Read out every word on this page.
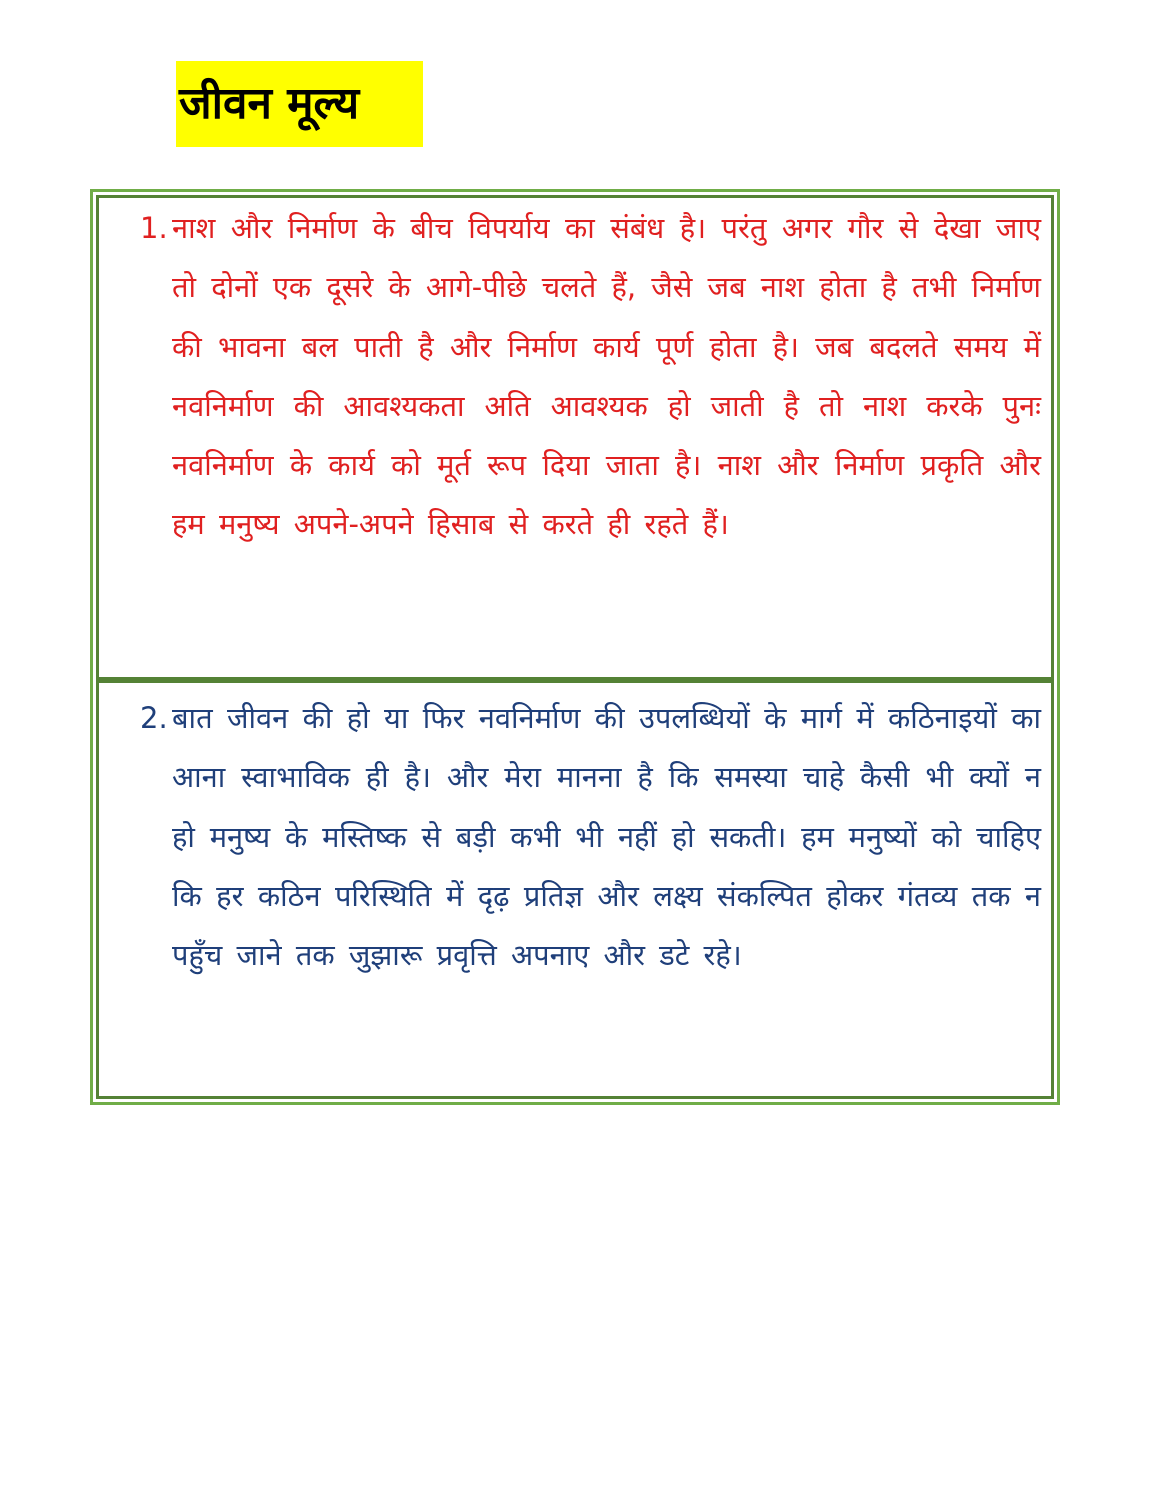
जीवन मूल्य
1. नाश और निर्माण के बीच विपर्याय का संबंध है। परंतु अगर गौर से देखा जाए तो दोनों एक दूसरे के आगे-पीछे चलते हैं, जैसे जब नाश होता है तभी निर्माण की भावना बल पाती है और निर्माण कार्य पूर्ण होता है। जब बदलते समय में नवनिर्माण की आवश्यकता अति आवश्यक हो जाती है तो नाश करके पुनः नवनिर्माण के कार्य को मूर्त रूप दिया जाता है। नाश और निर्माण प्रकृति और हम मनुष्य अपने-अपने हिसाब से करते ही रहते हैं।
2. बात जीवन की हो या फिर नवनिर्माण की उपलब्धियों के मार्ग में कठिनाइयों का आना स्वाभाविक ही है। और मेरा मानना है कि समस्या चाहे कैसी भी क्यों न हो मनुष्य के मस्तिष्क से बड़ी कभी भी नहीं हो सकती। हम मनुष्यों को चाहिए कि हर कठिन परिस्थिति में दृढ़ प्रतिज्ञ और लक्ष्य संकल्पित होकर गंतव्य तक न पहुँच जाने तक जुझारू प्रवृत्ति अपनाए और डटे रहे।
